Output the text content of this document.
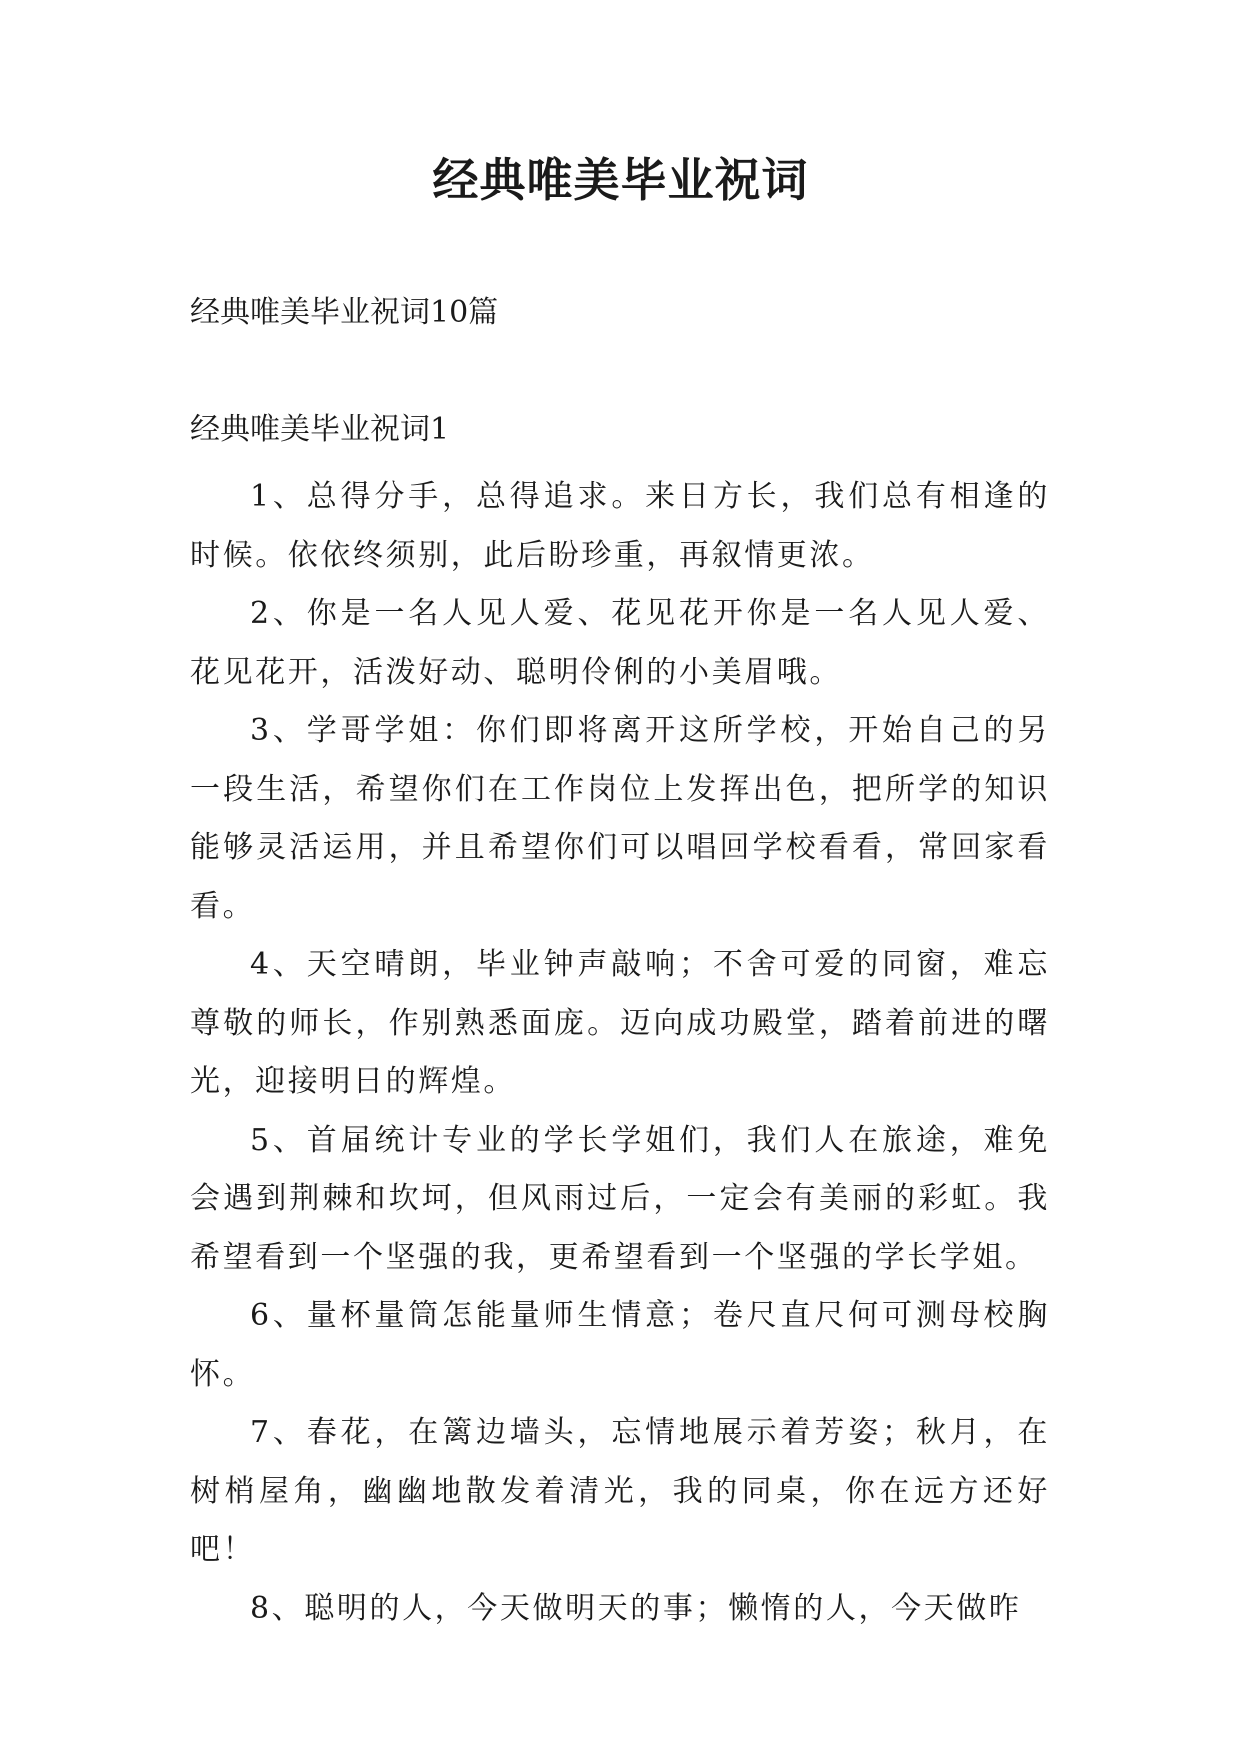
经典唯美毕业祝词

经典唯美毕业祝词10篇

经典唯美毕业祝词1

1、总得分手，总得追求。来日方长，我们总有相逢的时候。依依终须别，此后盼珍重，再叙情更浓。

2、你是一名人见人爱、花见花开你是一名人见人爱、花见花开，活泼好动、聪明伶俐的小美眉哦。

3、学哥学姐：你们即将离开这所学校，开始自己的另一段生活，希望你们在工作岗位上发挥出色，把所学的知识能够灵活运用，并且希望你们可以唱回学校看看，常回家看看。

4、天空晴朗，毕业钟声敲响；不舍可爱的同窗，难忘尊敬的师长，作别熟悉面庞。迈向成功殿堂，踏着前进的曙光，迎接明日的辉煌。

5、首届统计专业的学长学姐们，我们人在旅途，难免会遇到荆棘和坎坷，但风雨过后，一定会有美丽的彩虹。我希望看到一个坚强的我，更希望看到一个坚强的学长学姐。

6、量杯量筒怎能量师生情意；卷尺直尺何可测母校胸怀。

7、春花，在篱边墙头，忘情地展示着芳姿；秋月，在树梢屋角，幽幽地散发着清光，我的同桌，你在远方还好吧！

8、聪明的人，今天做明天的事；懒惰的人，今天做昨
